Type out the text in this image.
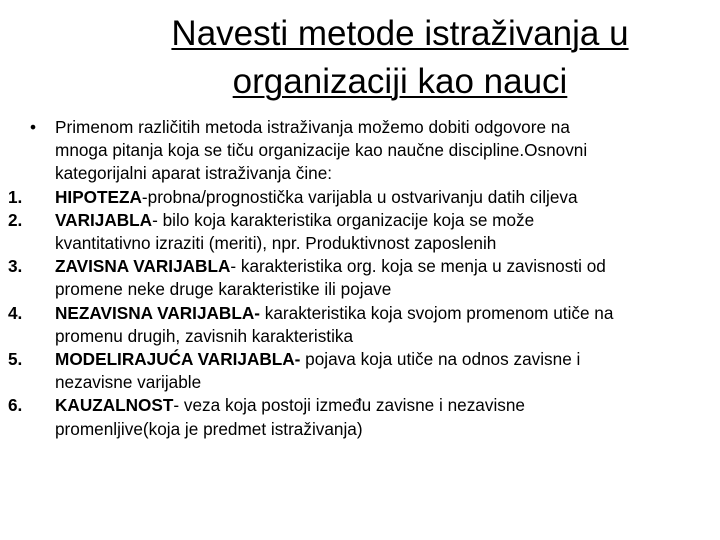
Navesti metode istraživanja u
organizaciji kao nauci
•	Primenom različitih metoda istraživanja možemo dobiti odgovore na
mnoga pitanja koja se tiču organizacije kao naučne discipline.Osnovni
kategorijalni aparat istraživanja čine:
1.	HIPOTEZA-probna/prognostička varijabla u ostvarivanju datih ciljeva
2.	VARIJABLA- bilo koja karakteristika organizacije koja se može
kvantitativno izraziti (meriti), npr. Produktivnost zaposlenih
3.	ZAVISNA VARIJABLA- karakteristika org. koja se menja u zavisnosti od
promene neke druge karakteristike ili pojave
4.	NEZAVISNA VARIJABLA- karakteristika koja svojom promenom utiče na
promenu drugih, zavisnih karakteristika
5.	MODELIRAJUĆA VARIJABLA- pojava koja utiče na odnos zavisne i
nezavisne varijable
6.	KAUZALNOST- veza koja postoji između zavisne i nezavisne
promenljive(koja je predmet istraživanja)
